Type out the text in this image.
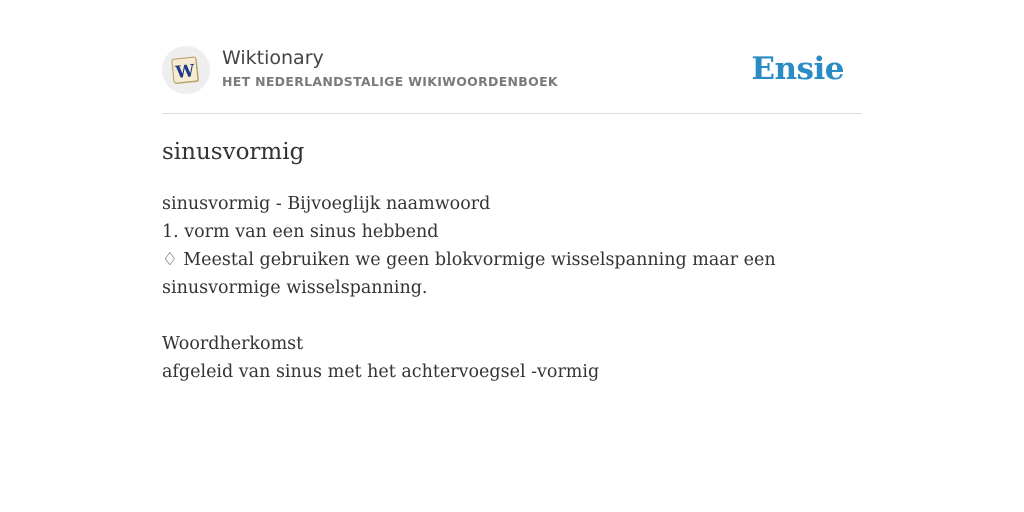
W
Wiktionary
HET NEDERLANDSTALIGE WIKIWOORDENBOEK	Ensie
sinusvormig
sinusvormig - Bijvoeglijk naamwoord
1. vorm van een sinus hebbend
♢ Meestal gebruiken we geen blokvormige wisselspanning maar een sinusvormige wisselspanning.
Woordherkomst
afgeleid van sinus met het achtervoegsel -vormig
